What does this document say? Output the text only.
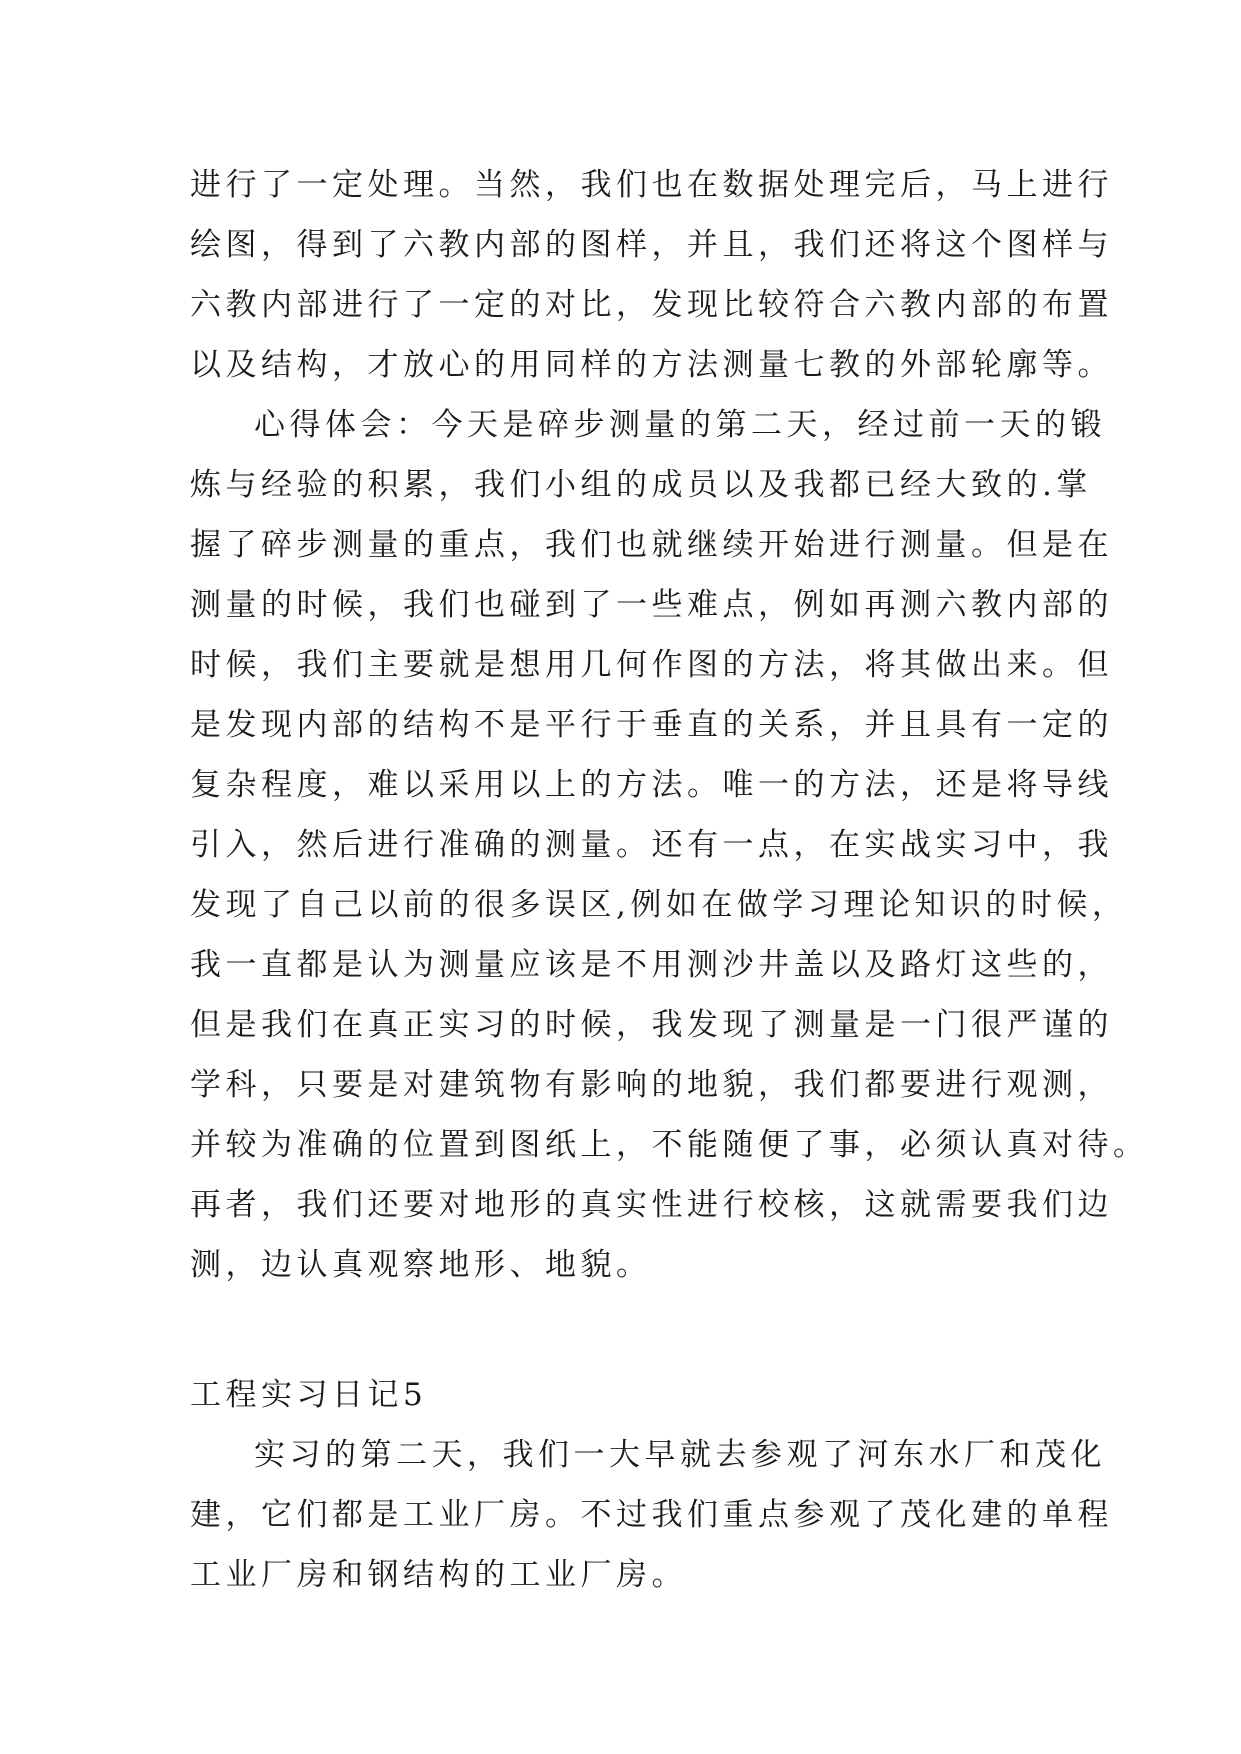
进行了一定处理。当然，我们也在数据处理完后，马上进行
绘图，得到了六教内部的图样，并且，我们还将这个图样与
六教内部进行了一定的对比，发现比较符合六教内部的布置
以及结构，才放心的用同样的方法测量七教的外部轮廓等。
心得体会：今天是碎步测量的第二天，经过前一天的锻
炼与经验的积累，我们小组的成员以及我都已经大致的.掌
握了碎步测量的重点，我们也就继续开始进行测量。但是在
测量的时候，我们也碰到了一些难点，例如再测六教内部的
时候，我们主要就是想用几何作图的方法，将其做出来。但
是发现内部的结构不是平行于垂直的关系，并且具有一定的
复杂程度，难以采用以上的方法。唯一的方法，还是将导线
引入，然后进行准确的测量。还有一点，在实战实习中，我
发现了自己以前的很多误区,例如在做学习理论知识的时候，
我一直都是认为测量应该是不用测沙井盖以及路灯这些的，
但是我们在真正实习的时候，我发现了测量是一门很严谨的
学科，只要是对建筑物有影响的地貌，我们都要进行观测，
并较为准确的位置到图纸上，不能随便了事，必须认真对待。
再者，我们还要对地形的真实性进行校核，这就需要我们边
测，边认真观察地形、地貌。
工程实习日记5
实习的第二天，我们一大早就去参观了河东水厂和茂化
建，它们都是工业厂房。不过我们重点参观了茂化建的单程
工业厂房和钢结构的工业厂房。
